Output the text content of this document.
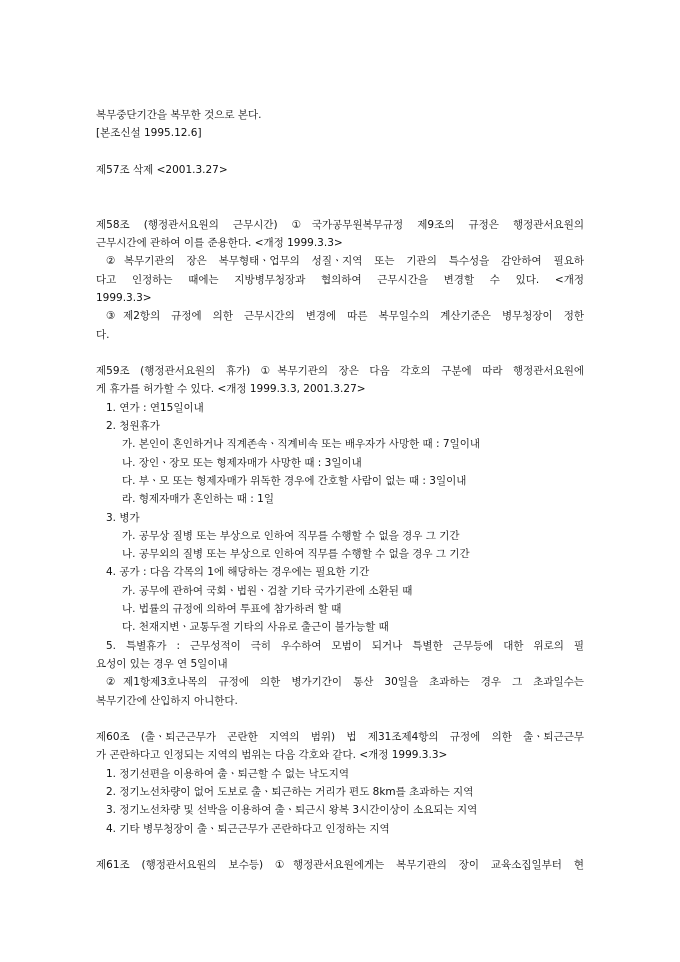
복무중단기간을 복무한 것으로 본다.
[본조신설 1995.12.6]
제57조 삭제 <2001.3.27>
제58조 (행정관서요원의 근무시간) ①국가공무원복무규정 제9조의 규정은 행정관서요원의
근무시간에 관하여 이를 준용한다. <개정 1999.3.3>
②복무기관의 장은 복무형태ㆍ업무의 성질ㆍ지역 또는 기관의 특수성을 감안하여 필요하
다고 인정하는 때에는 지방병무청장과 협의하여 근무시간을 변경할 수 있다. <개정
1999.3.3>
③제2항의 규정에 의한 근무시간의 변경에 따른 복무일수의 계산기준은 병무청장이 정한
다.
제59조 (행정관서요원의 휴가) ①복무기관의 장은 다음 각호의 구분에 따라 행정관서요원에
게 휴가를 허가할 수 있다. <개정 1999.3.3, 2001.3.27>
1. 연가 : 연15일이내
2. 청원휴가
가. 본인이 혼인하거나 직계존속ㆍ직계비속 또는 배우자가 사망한 때 : 7일이내
나. 장인ㆍ장모 또는 형제자매가 사망한 때 : 3일이내
다. 부ㆍ모 또는 형제자매가 위독한 경우에 간호할 사람이 없는 때 : 3일이내
라. 형제자매가 혼인하는 때 : 1일
3. 병가
가. 공무상 질병 또는 부상으로 인하여 직무를 수행할 수 없을 경우 그 기간
나. 공무외의 질병 또는 부상으로 인하여 직무를 수행할 수 없을 경우 그 기간
4. 공가 : 다음 각목의 1에 해당하는 경우에는 필요한 기간
가. 공무에 관하여 국회ㆍ법원ㆍ검찰 기타 국가기관에 소환된 때
나. 법률의 규정에 의하여 투표에 참가하려 할 때
다. 천재지변ㆍ교통두절 기타의 사유로 출근이 불가능할 때
5. 특별휴가 : 근무성적이 극히 우수하여 모범이 되거나 특별한 근무등에 대한 위로의 필
요성이 있는 경우 연 5일이내
②제1항제3호나목의 규정에 의한 병가기간이 통산 30일을 초과하는 경우 그 초과일수는
복무기간에 산입하지 아니한다.
제60조 (출ㆍ퇴근근무가 곤란한 지역의 범위) 법 제31조제4항의 규정에 의한 출ㆍ퇴근근무
가 곤란하다고 인정되는 지역의 범위는 다음 각호와 같다. <개정 1999.3.3>
1. 정기선편을 이용하여 출ㆍ퇴근할 수 없는 낙도지역
2. 정기노선차량이 없어 도보로 출ㆍ퇴근하는 거리가 편도 8km를 초과하는 지역
3. 정기노선차량 및 선박을 이용하여 출ㆍ퇴근시 왕복 3시간이상이 소요되는 지역
4. 기타 병무청장이 출ㆍ퇴근근무가 곤란하다고 인정하는 지역
제61조 (행정관서요원의 보수등) ①행정관서요원에게는 복무기관의 장이 교육소집일부터 현
